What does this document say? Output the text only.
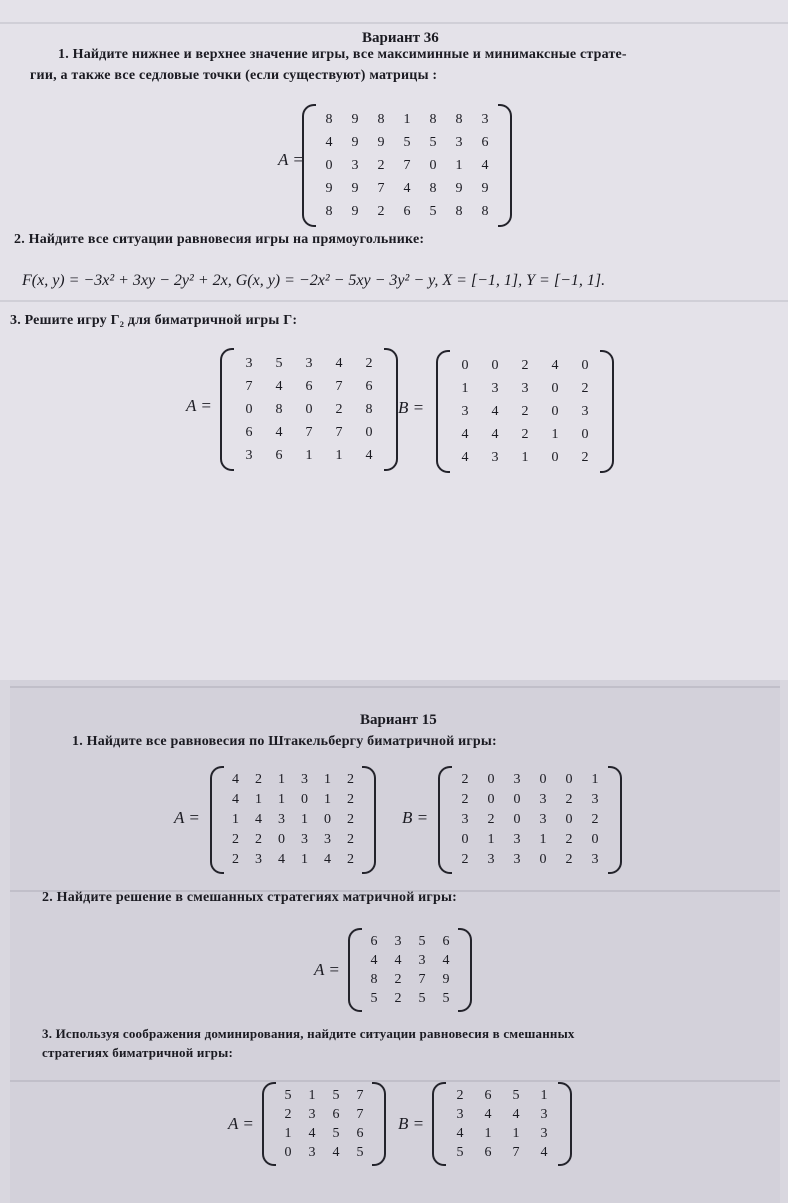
Вариант 36
1. Найдите нижнее и верхнее значение игры, все максиминные и минимаксные страте-
гии, а также все седловые точки (если существуют) матрицы :
A =
8	9	8	1	8	8	3
4	9	9	5	5	3	6
0	3	2	7	0	1	4
9	9	7	4	8	9	9
8	9	2	6	5	8	8
2. Найдите все ситуации равновесия игры на прямоугольнике:
F(x, y) = −3x² + 3xy − 2y² + 2x, G(x, y) = −2x² − 5xy − 3y² − y, X = [−1, 1], Y = [−1, 1].
3. Решите игру Γ₂ для биматричной игры Γ:
A =
3	5	3	4	2
7	4	6	7	6
0	8	0	2	8
6	4	7	7	0
3	6	1	1	4
B =
0	0	2	4	0
1	3	3	0	2
3	4	2	0	3
4	4	2	1	0
4	3	1	0	2
Вариант 15
1. Найдите все равновесия по Штакельбергу биматричной игры:
A =
4	2	1	3	1	2
4	1	1	0	1	2
1	4	3	1	0	2
2	2	0	3	3	2
2	3	4	1	4	2
B =
2	0	3	0	0	1
2	0	0	3	2	3
3	2	0	3	0	2
0	1	3	1	2	0
2	3	3	0	2	3
2. Найдите решение в смешанных стратегиях матричной игры:
A =
6	3	5	6
4	4	3	4
8	2	7	9
5	2	5	5
3. Используя соображения доминирования, найдите ситуации равновесия в смешанных
стратегиях биматричной игры:
A =
5	1	5	7
2	3	6	7
1	4	5	6
0	3	4	5
B =
2	6	5	1
3	4	4	3
4	1	1	3
5	6	7	4
